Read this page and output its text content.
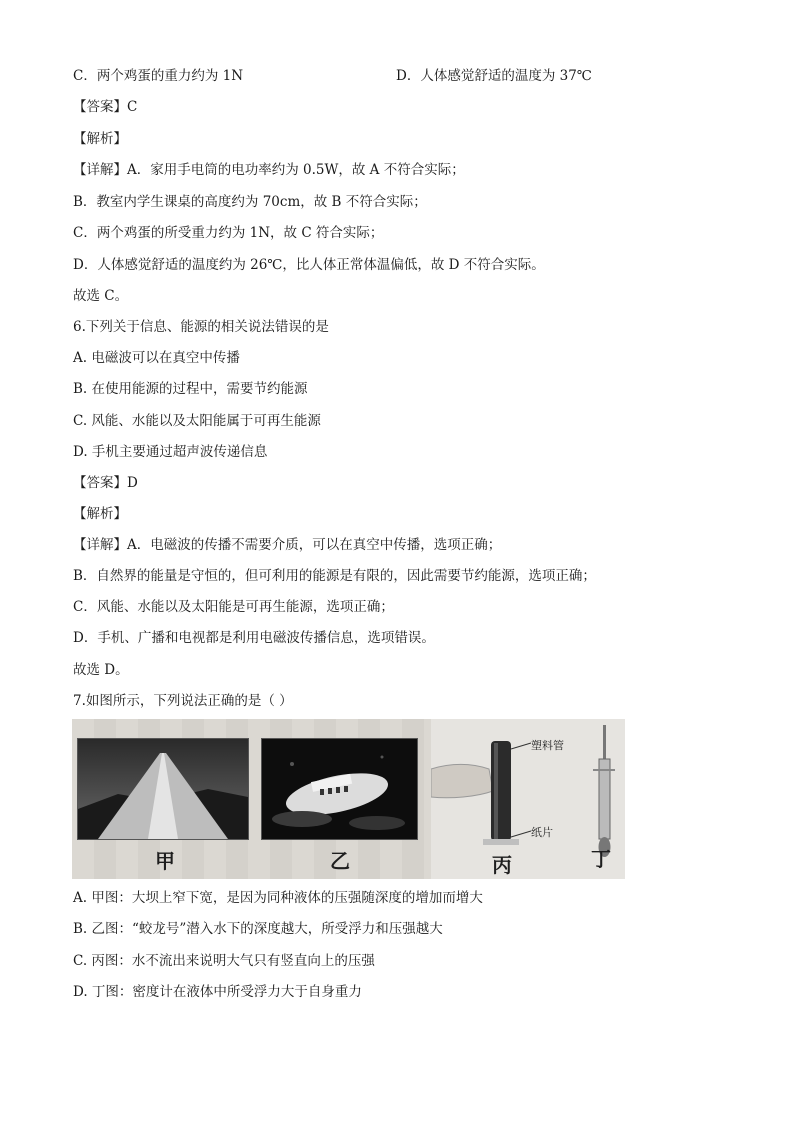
C．两个鸡蛋的重力约为 1N	D．人体感觉舒适的温度为 37℃
【答案】C
【解析】
【详解】A．家用手电筒的电功率约为 0.5W，故 A 不符合实际；
B．教室内学生课桌的高度约为 70cm，故 B 不符合实际；
C．两个鸡蛋的所受重力约为 1N，故 C 符合实际；
D．人体感觉舒适的温度约为 26℃，比人体正常体温偏低，故 D 不符合实际。
故选 C。
6.下列关于信息、能源的相关说法错误的是
A. 电磁波可以在真空中传播
B. 在使用能源的过程中，需要节约能源
C. 风能、水能以及太阳能属于可再生能源
D. 手机主要通过超声波传递信息
【答案】D
【解析】
【详解】A．电磁波的传播不需要介质，可以在真空中传播，选项正确；
B．自然界的能量是守恒的，但可利用的能源是有限的，因此需要节约能源，选项正确；
C．风能、水能以及太阳能是可再生能源，选项正确；
D．手机、广播和电视都是利用电磁波传播信息，选项错误。
故选 D。
7.如图所示，下列说法正确的是（ ）
甲	乙
塑料管
纸片
丙	丁
A. 甲图：大坝上窄下宽，是因为同种液体的压强随深度的增加而增大
B. 乙图：“蛟龙号”潜入水下的深度越大，所受浮力和压强越大
C. 丙图：水不流出来说明大气只有竖直向上的压强
D. 丁图：密度计在液体中所受浮力大于自身重力
